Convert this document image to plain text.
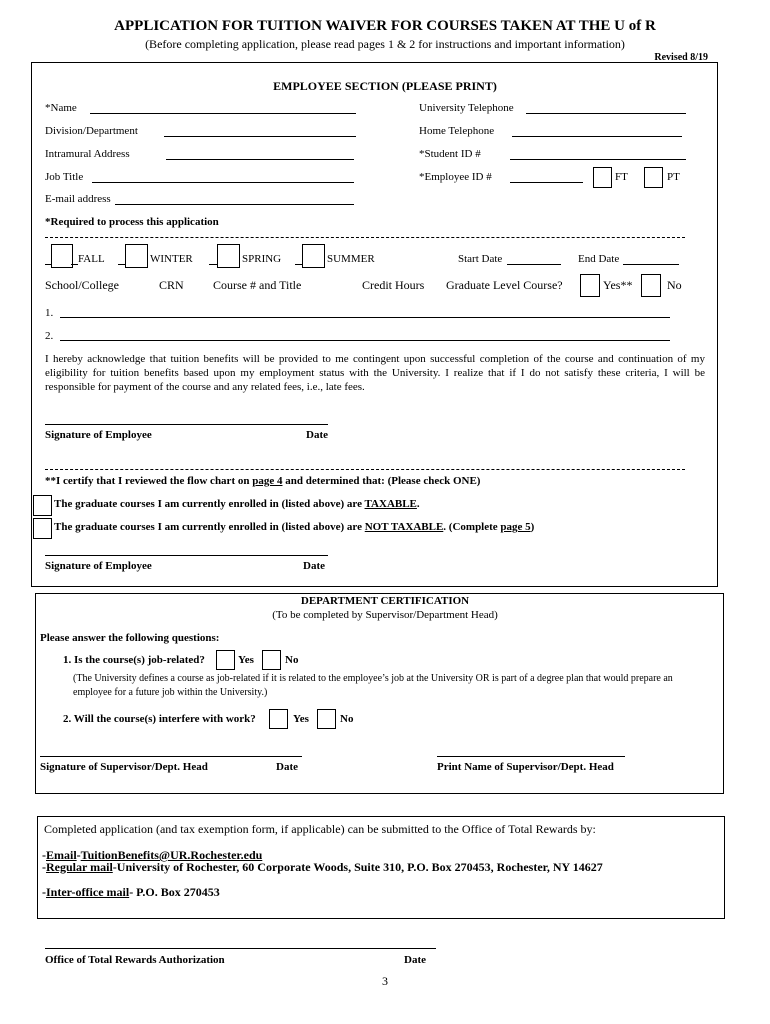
APPLICATION FOR TUITION WAIVER FOR COURSES TAKEN AT THE U of R
(Before completing application, please read pages 1 & 2 for instructions and important information)
Revised 8/19
EMPLOYEE SECTION (PLEASE PRINT)
*Name	University Telephone
Division/Department	Home Telephone
Intramural Address	*Student ID #
Job Title	*Employee ID #	FT	PT
E-mail address
*Required to process this application
FALL	WINTER	SPRING	SUMMER	Start Date	End Date
School/College	CRN Course # and Title	Credit Hours Graduate Level Course?	Yes**	No
1.
2.
I hereby acknowledge that tuition benefits will be provided to me contingent upon successful completion of the course and continuation of my eligibility for tuition benefits based upon my employment status with the University. I realize that if I do not satisfy these criteria, I will be responsible for payment of the course and any related fees, i.e., late fees.
Signature of Employee	Date
**I certify that I reviewed the flow chart on page 4 and determined that: (Please check ONE)
The graduate courses I am currently enrolled in (listed above) are TAXABLE.
The graduate courses I am currently enrolled in (listed above) are NOT TAXABLE. (Complete page 5)
Signature of Employee	Date
DEPARTMENT CERTIFICATION
(To be completed by Supervisor/Department Head)
Please answer the following questions:
1. Is the course(s) job-related?	Yes	No
(The University defines a course as job-related if it is related to the employee’s job at the University OR is part of a degree plan that would prepare an employee for a future job within the University.)
2. Will the course(s) interfere with work?	Yes	No
Signature of Supervisor/Dept. Head	Date	Print Name of Supervisor/Dept. Head
Completed application (and tax exemption form, if applicable) can be submitted to the Office of Total Rewards by:
-Email-TuitionBenefits@UR.Rochester.edu
-Regular mail-University of Rochester, 60 Corporate Woods, Suite 310, P.O. Box 270453, Rochester, NY 14627
-Inter-office mail- P.O. Box 270453
Office of Total Rewards Authorization	Date
3
